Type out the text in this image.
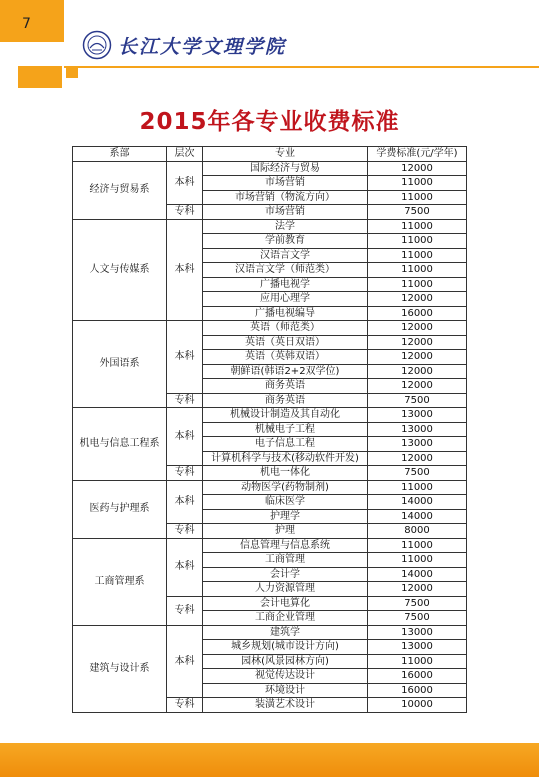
7
长江大学文理学院
2015年各专业收费标准
系部	层次	专业	学费标准(元/学年)
经济与贸易系	本科	国际经济与贸易	12000
		市场营销	11000
		市场营销（物流方向）	11000
	专科	市场营销	7500
人文与传媒系	本科	法学	11000
		学前教育	11000
		汉语言文学	11000
		汉语言文学（师范类）	11000
		广播电视学	11000
		应用心理学	12000
		广播电视编导	16000
外国语系	本科	英语（师范类）	12000
		英语（英日双语）	12000
		英语（英韩双语）	12000
		朝鲜语(韩语2+2双学位)	12000
		商务英语	12000
	专科	商务英语	7500
机电与信息工程系	本科	机械设计制造及其自动化	13000
		机械电子工程	13000
		电子信息工程	13000
		计算机科学与技术(移动软件开发)	12000
	专科	机电一体化	7500
医药与护理系	本科	动物医学(药物制剂)	11000
		临床医学	14000
		护理学	14000
	专科	护理	8000
工商管理系	本科	信息管理与信息系统	11000
		工商管理	11000
		会计学	14000
		人力资源管理	12000
	专科	会计电算化	7500
		工商企业管理	7500
建筑与设计系	本科	建筑学	13000
		城乡规划(城市设计方向)	13000
		园林(风景园林方向)	11000
		视觉传达设计	16000
		环境设计	16000
	专科	装潢艺术设计	10000
